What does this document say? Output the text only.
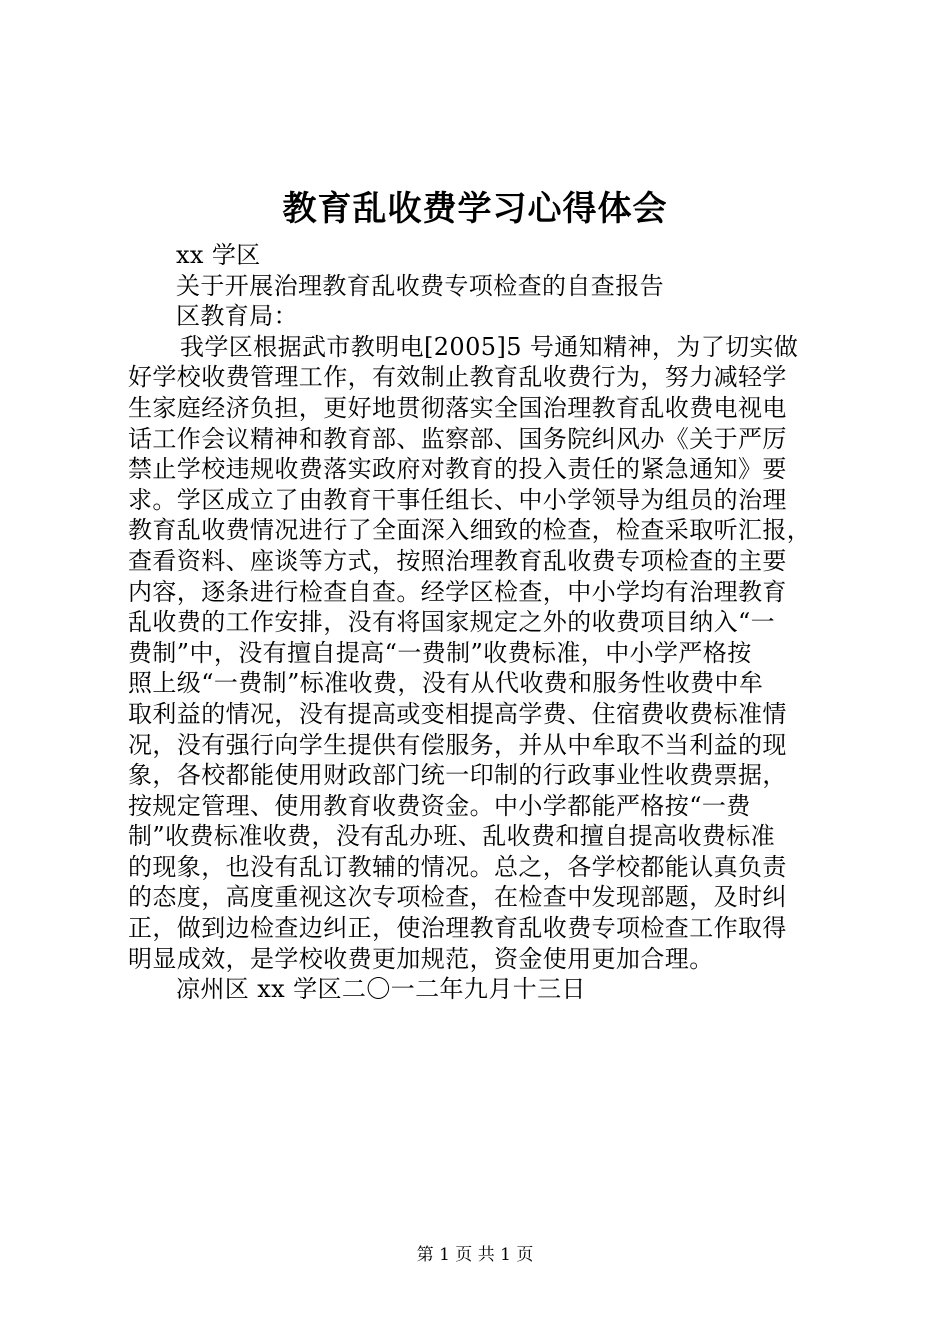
教育乱收费学习心得体会
xx 学区
关于开展治理教育乱收费专项检查的自查报告
区教育局：
我学区根据武市教明电[2005]5 号通知精神，为了切实做
好学校收费管理工作，有效制止教育乱收费行为，努力减轻学
生家庭经济负担，更好地贯彻落实全国治理教育乱收费电视电
话工作会议精神和教育部、监察部、国务院纠风办《关于严厉
禁止学校违规收费落实政府对教育的投入责任的紧急通知》要
求。学区成立了由教育干事任组长、中小学领导为组员的治理
教育乱收费情况进行了全面深入细致的检查，检查采取听汇报，
查看资料、座谈等方式，按照治理教育乱收费专项检查的主要
内容，逐条进行检查自查。经学区检查，中小学均有治理教育
乱收费的工作安排，没有将国家规定之外的收费项目纳入“一
费制”中，没有擅自提高“一费制”收费标准，中小学严格按
照上级“一费制”标准收费，没有从代收费和服务性收费中牟
取利益的情况，没有提高或变相提高学费、住宿费收费标准情
况，没有强行向学生提供有偿服务，并从中牟取不当利益的现
象，各校都能使用财政部门统一印制的行政事业性收费票据，
按规定管理、使用教育收费资金。中小学都能严格按“一费
制”收费标准收费，没有乱办班、乱收费和擅自提高收费标准
的现象，也没有乱订教辅的情况。总之，各学校都能认真负责
的态度，高度重视这次专项检查，在检查中发现部题，及时纠
正，做到边检查边纠正，使治理教育乱收费专项检查工作取得
明显成效，是学校收费更加规范，资金使用更加合理。
凉州区 xx 学区二〇一二年九月十三日
第 1 页 共 1 页
